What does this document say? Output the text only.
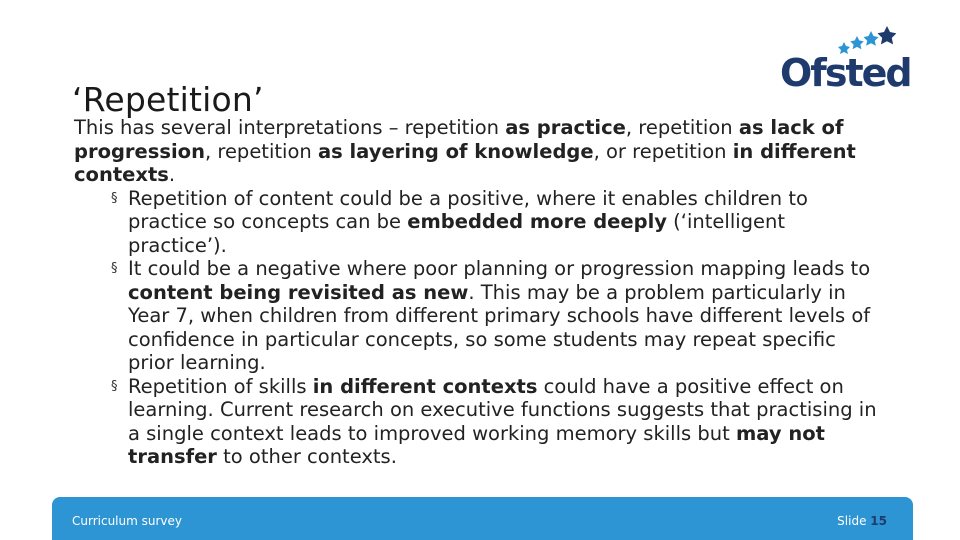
‘Repetition’
Ofsted
This has several interpretations – repetition as practice, repetition as lack of progression, repetition as layering of knowledge, or repetition in different contexts.
§ Repetition of content could be a positive, where it enables children to practice so concepts can be embedded more deeply (‘intelligent practice’).
§ It could be a negative where poor planning or progression mapping leads to content being revisited as new. This may be a problem particularly in Year 7, when children from different primary schools have different levels of confidence in particular concepts, so some students may repeat specific prior learning.
§ Repetition of skills in different contexts could have a positive effect on learning. Current research on executive functions suggests that practising in a single context leads to improved working memory skills but may not transfer to other contexts.
Curriculum survey	Slide 15
